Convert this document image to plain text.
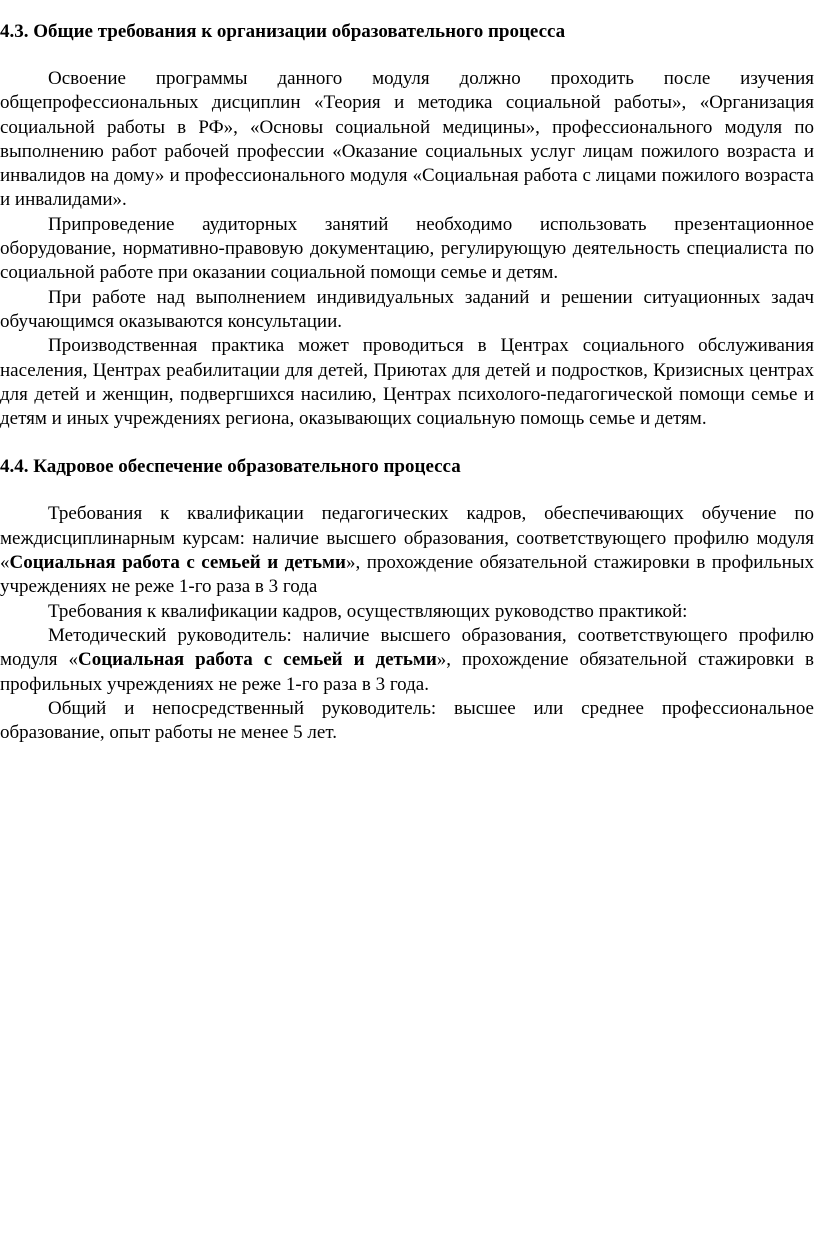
4.3. Общие требования к организации образовательного процесса

Освоение программы данного модуля должно проходить после изучения общепрофессиональных дисциплин «Теория и методика социальной работы», «Организация социальной работы в РФ», «Основы социальной медицины», профессионального модуля по выполнению работ рабочей профессии «Оказание социальных услуг лицам пожилого возраста и инвалидов на дому» и профессионального модуля «Социальная работа с лицами пожилого возраста и инвалидами».

Припроведение аудиторных занятий необходимо использовать презентационное оборудование, нормативно-правовую документацию, регулирующую деятельность специалиста по социальной работе при оказании социальной помощи семье и детям.

При работе над выполнением индивидуальных заданий и решении ситуационных задач обучающимся оказываются консультации.

Производственная практика может проводиться в Центрах социального обслуживания населения, Центрах реабилитации для детей, Приютах для детей и подростков, Кризисных центрах для детей и женщин, подвергшихся насилию, Центрах психолого-педагогической помощи семье и детям и иных учреждениях региона, оказывающих социальную помощь семье и детям.

4.4. Кадровое обеспечение образовательного процесса

Требования к квалификации педагогических кадров, обеспечивающих обучение по междисциплинарным курсам: наличие высшего образования, соответствующего профилю модуля «Социальная работа с семьей и детьми», прохождение обязательной стажировки в профильных учреждениях не реже 1-го раза в 3 года

Требования к квалификации кадров, осуществляющих руководство практикой:

Методический руководитель: наличие высшего образования, соответствующего профилю модуля «Социальная работа с семьей и детьми», прохождение обязательной стажировки в профильных учреждениях не реже 1-го раза в 3 года.

Общий и непосредственный руководитель: высшее или среднее профессиональное образование, опыт работы не менее 5 лет.
